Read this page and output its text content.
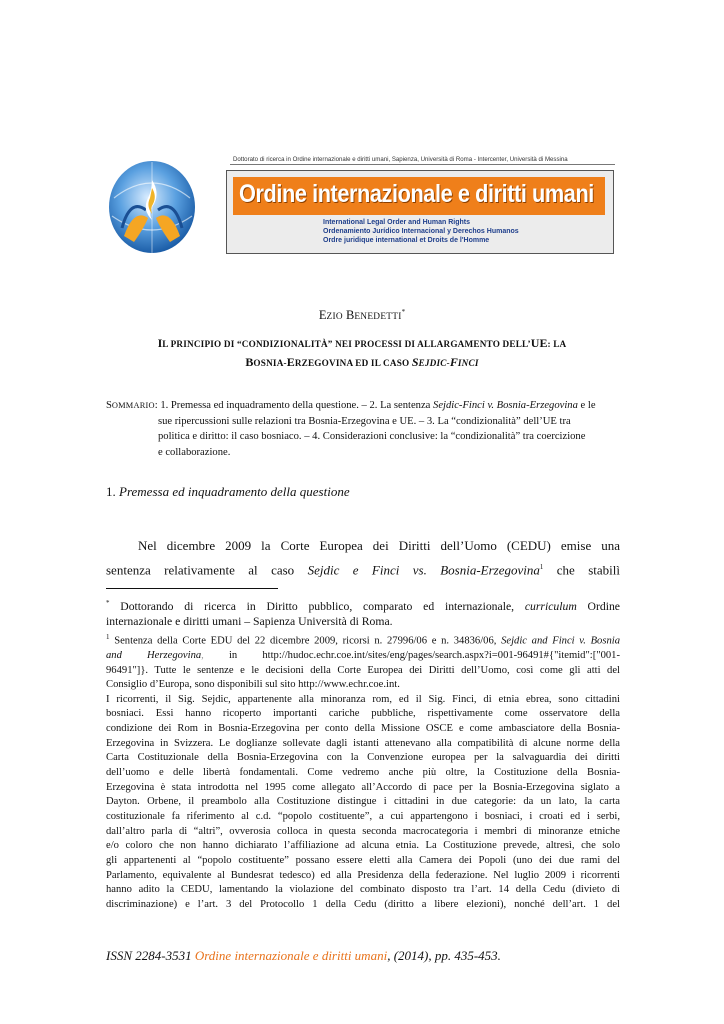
Dottorato di ricerca in Ordine internazionale e diritti umani, Sapienza, Università di Roma - Intercenter, Università di Messina
Ordine internazionale e diritti umani
International Legal Order and Human Rights
Ordenamiento Jurídico Internacional y Derechos Humanos
Ordre juridique international et Droits de l'Homme
EZIO BENEDETTI*
IL PRINCIPIO DI “CONDIZIONALITÀ” NEI PROCESSI DI ALLARGAMENTO DELL’UE: LA
BOSNIA-ERZEGOVINA ED IL CASO SEJDIC-FINCI
SOMMARIO: 1. Premessa ed inquadramento della questione. – 2. La sentenza Sejdic-Finci v. Bosnia-Erzegovina e le
sue ripercussioni sulle relazioni tra Bosnia-Erzegovina e UE. – 3. La “condizionalità” dell’UE tra
politica e diritto: il caso bosniaco. – 4. Considerazioni conclusive: la “condizionalità” tra coercizione
e collaborazione.
1. Premessa ed inquadramento della questione
Nel dicembre 2009 la Corte Europea dei Diritti dell’Uomo (CEDU) emise una
sentenza relativamente al caso Sejdic e Finci vs. Bosnia-Erzegovina$^1$ che stabilì
* Dottorando di ricerca in Diritto pubblico, comparato ed internazionale, curriculum Ordine
internazionale e diritti umani – Sapienza Università di Roma.
$^1$ Sentenza della Corte EDU del 22 dicembre 2009, ricorsi n. 27996/06 e n. 34836/06, Sejdic and Finci v. Bosnia
and Herzegovina, in http://hudoc.echr.coe.int/sites/eng/pages/search.aspx?i=001-96491#{"itemid":["001-
96491"]}. Tutte le sentenze e le decisioni della Corte Europea dei Diritti dell’Uomo, così come gli atti del
Consiglio d’Europa, sono disponibili sul sito http://www.echr.coe.int.
I ricorrenti, il Sig. Sejdic, appartenente alla minoranza rom, ed il Sig. Finci, di etnia ebrea, sono cittadini
bosniaci. Essi hanno ricoperto importanti cariche pubbliche, rispettivamente come osservatore della
condizione dei Rom in Bosnia-Erzegovina per conto della Missione OSCE e come ambasciatore della Bosnia-
Erzegovina in Svizzera. Le doglianze sollevate dagli istanti attenevano alla compatibilità di alcune norme della
Carta Costituzionale della Bosnia-Erzegovina con la Convenzione europea per la salvaguardia dei diritti
dell’uomo e delle libertà fondamentali. Come vedremo anche più oltre, la Costituzione della Bosnia-
Erzegovina è stata introdotta nel 1995 come allegato all’Accordo di pace per la Bosnia-Erzegovina siglato a
Dayton. Orbene, il preambolo alla Costituzione distingue i cittadini in due categorie: da un lato, la carta
costituzionale fa riferimento al c.d. “popolo costituente”, a cui appartengono i bosniaci, i croati ed i serbi,
dall’altro parla di “altri”, ovverosia colloca in questa seconda macrocategoria i membri di minoranze etniche
e/o coloro che non hanno dichiarato l’affiliazione ad alcuna etnia. La Costituzione prevede, altresì, che solo
gli appartenenti al “popolo costituente” possano essere eletti alla Camera dei Popoli (uno dei due rami del
Parlamento, equivalente al Bundesrat tedesco) ed alla Presidenza della federazione. Nel luglio 2009 i ricorrenti
hanno adito la CEDU, lamentando la violazione del combinato disposto tra l’art. 14 della Cedu (divieto di
discriminazione) e l’art. 3 del Protocollo 1 della Cedu (diritto a libere elezioni), nonché dell’art. 1 del
ISSN 2284-3531 Ordine internazionale e diritti umani, (2014), pp. 435-453.
